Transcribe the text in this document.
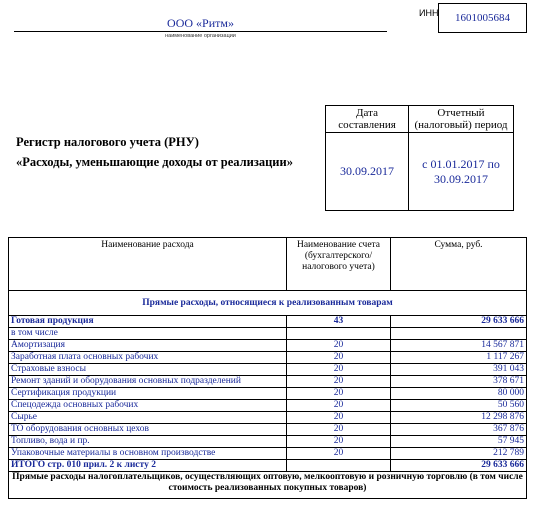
ООО «Ритм»
наименование организации
ИНН	1601005684
Регистр налогового учета (РНУ)
«Расходы, уменьшающие доходы от реализации»
Дата составления	Отчетный (налоговый) период
30.09.2017	с 01.01.2017 по 30.09.2017
Наименование расхода	Наименование счета (бухгалтерского/ налогового учета)	Сумма, руб.
Прямые расходы, относящиеся к реализованным товарам		
Готовая продукция	43	29 633 666
в том числе		
Амортизация	20	14 567 871
Заработная плата основных рабочих	20	1 117 267
Страховые взносы	20	391 043
Ремонт зданий и оборудования основных подразделений	20	378 671
Сертификация продукции	20	80 000
Спецодежда основных рабочих	20	50 560
Сырье	20	12 298 876
ТО оборудования основных цехов	20	367 876
Топливо, вода и пр.	20	57 945
Упаковочные материалы в основном производстве	20	212 789
ИТОГО стр. 010 прил. 2 к листу 2		29 633 666
Прямые расходы налогоплательщиков, осуществляющих оптовую, мелкооптовую и розничную торговлю (в том числе стоимость реализованных покупных товаров)		
